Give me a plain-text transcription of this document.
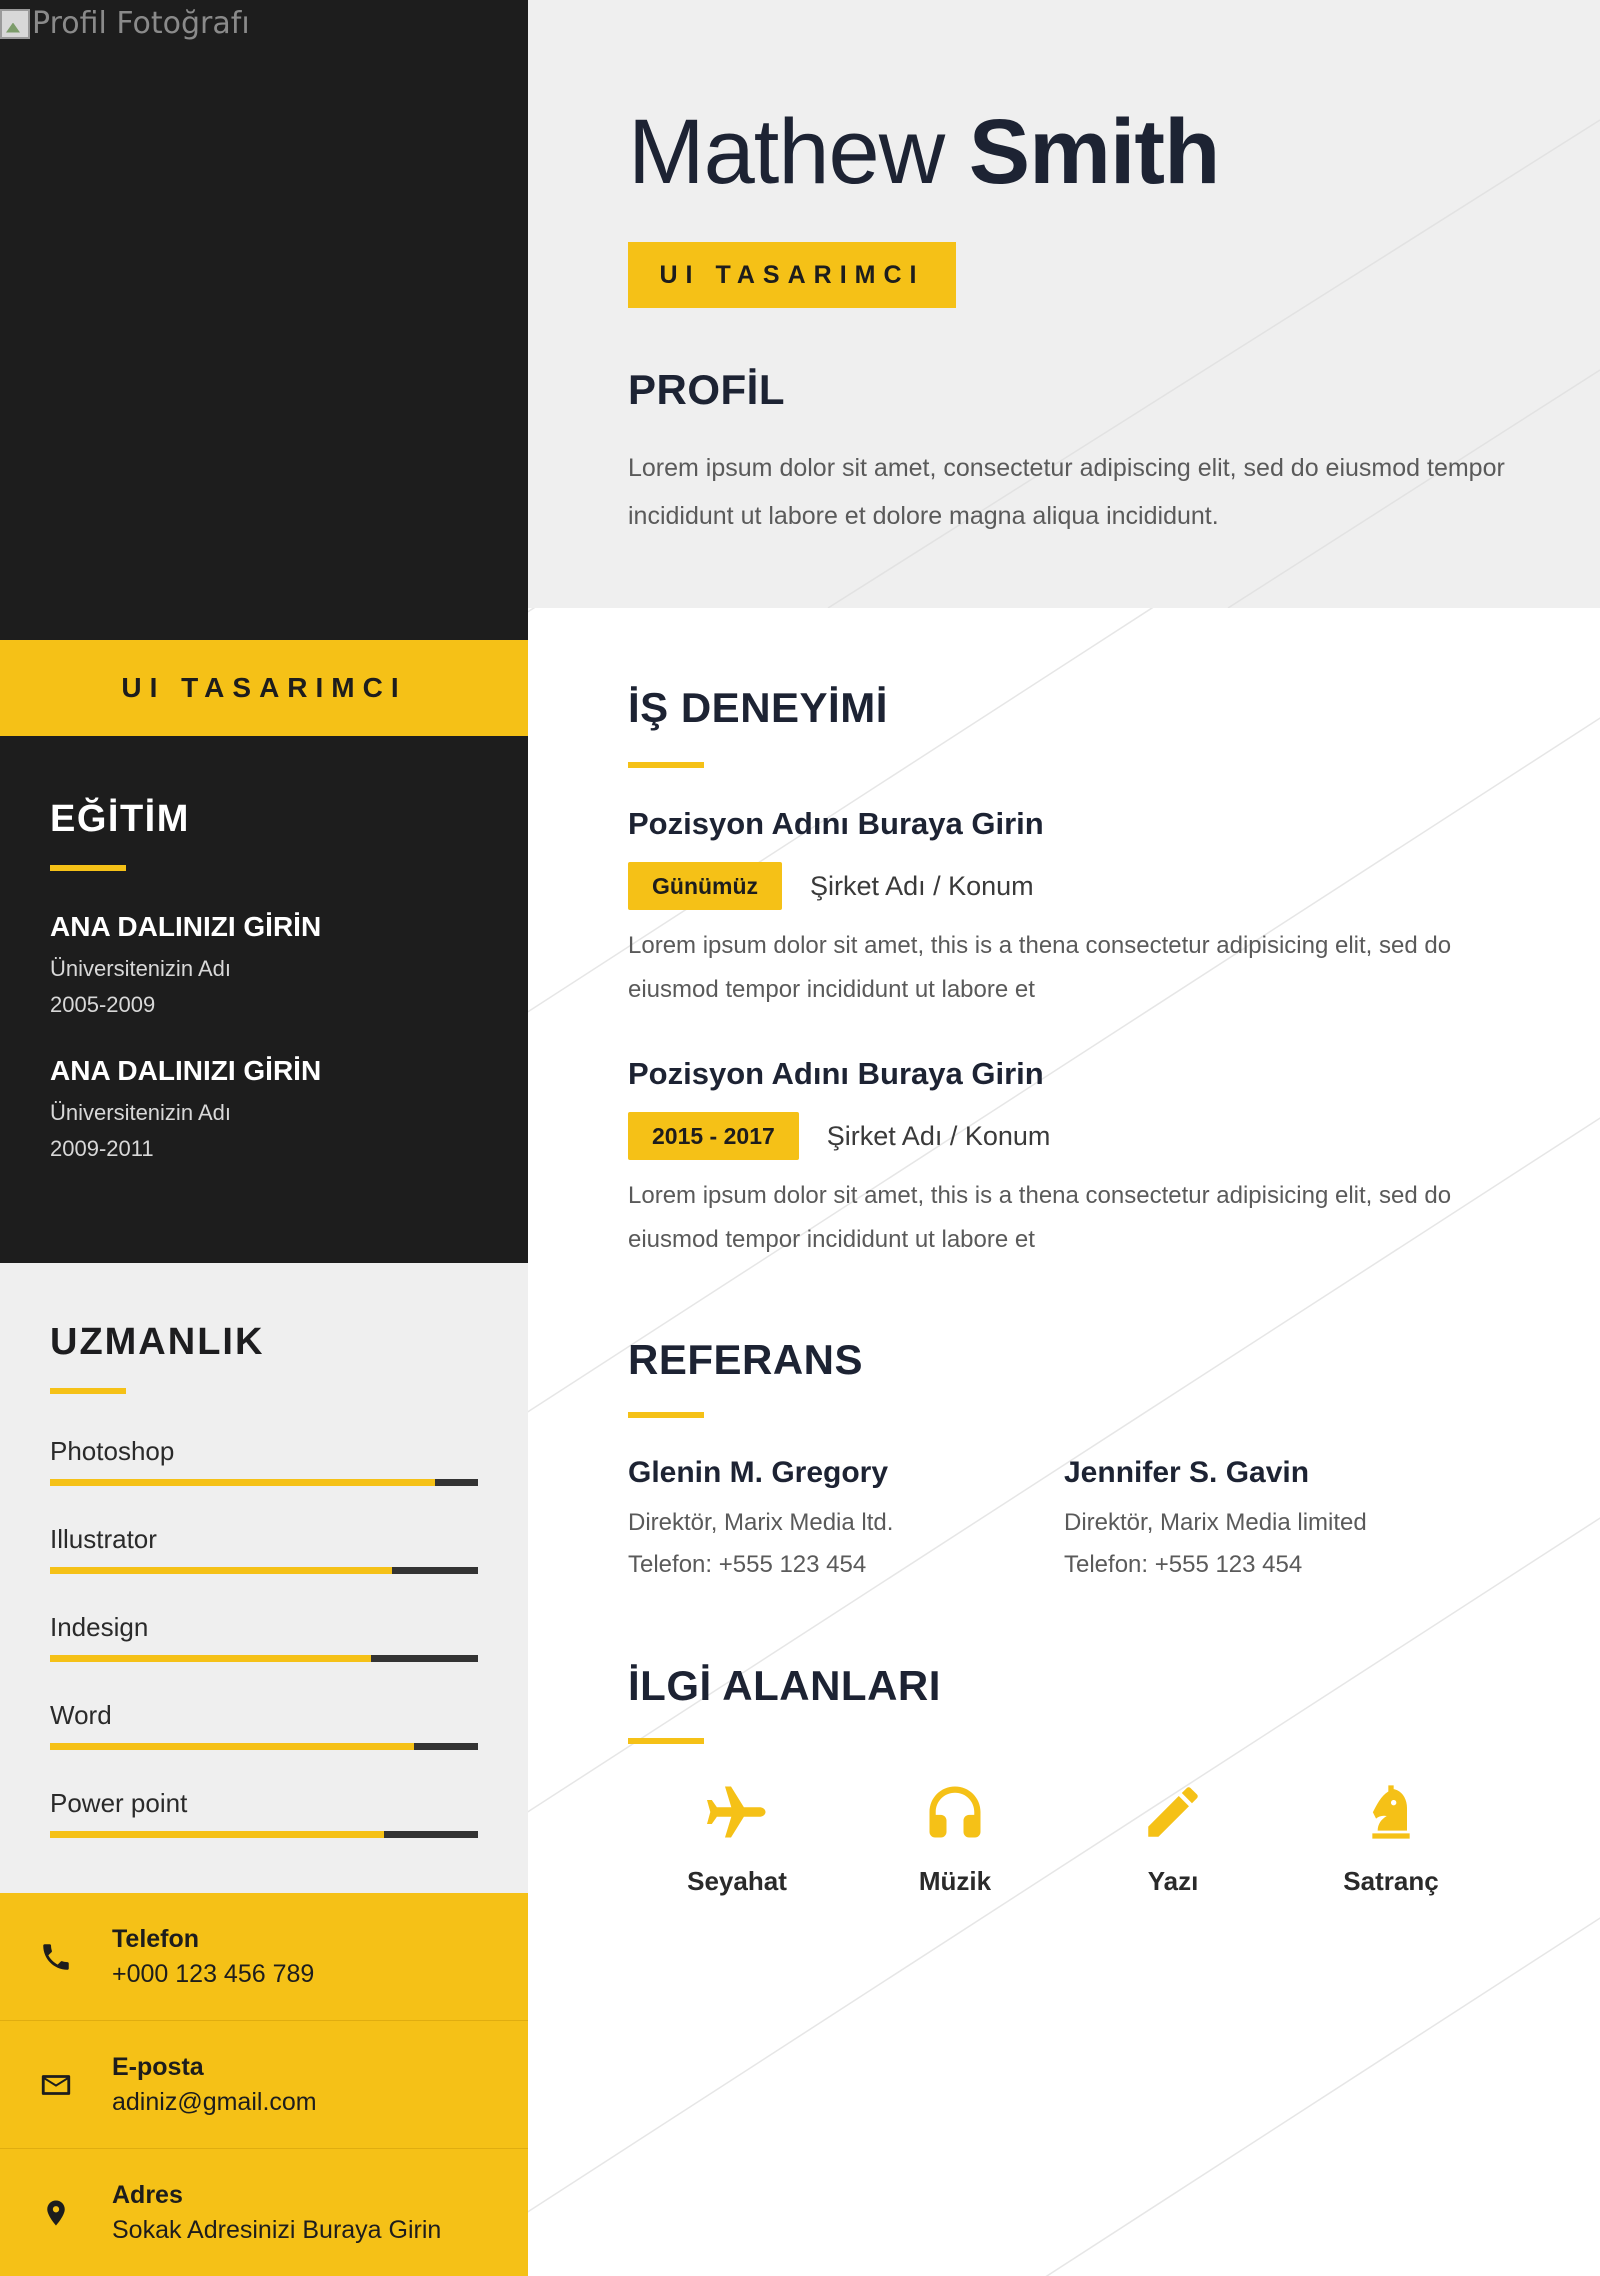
Profil Fotoğrafı
UI TASARIMCI
EĞİTİM
ANA DALINIZI GİRİN
Üniversitenizin Adı
2005-2009
ANA DALINIZI GİRİN
Üniversitenizin Adı
2009-2011
UZMANLIK
Photoshop
Illustrator
Indesign
Word
Power point
Telefon
+000 123 456 789
E-posta
adiniz@gmail.com
Adres
Sokak Adresinizi Buraya Girin
Mathew Smith
UI TASARIMCI
PROFİL

Lorem ipsum dolor sit amet, consectetur adipiscing elit, sed do eiusmod tempor incididunt ut labore et dolore magna aliqua incididunt.

İŞ DENEYİMİ
Pozisyon Adını Buraya Girin
Günümüz	Şirket Adı / Konum

Lorem ipsum dolor sit amet, this is a thena consectetur adipisicing elit, sed do eiusmod tempor incididunt ut labore et

Pozisyon Adını Buraya Girin
2015 - 2017	Şirket Adı / Konum

Lorem ipsum dolor sit amet, this is a thena consectetur adipisicing elit, sed do eiusmod tempor incididunt ut labore et

REFERANS
Glenin M. Gregory
Direktör, Marix Media ltd.
Telefon: +555 123 454
Jennifer S. Gavin
Direktör, Marix Media limited
Telefon: +555 123 454
İLGİ ALANLARI
Seyahat	Müzik	Yazı	Satranç
